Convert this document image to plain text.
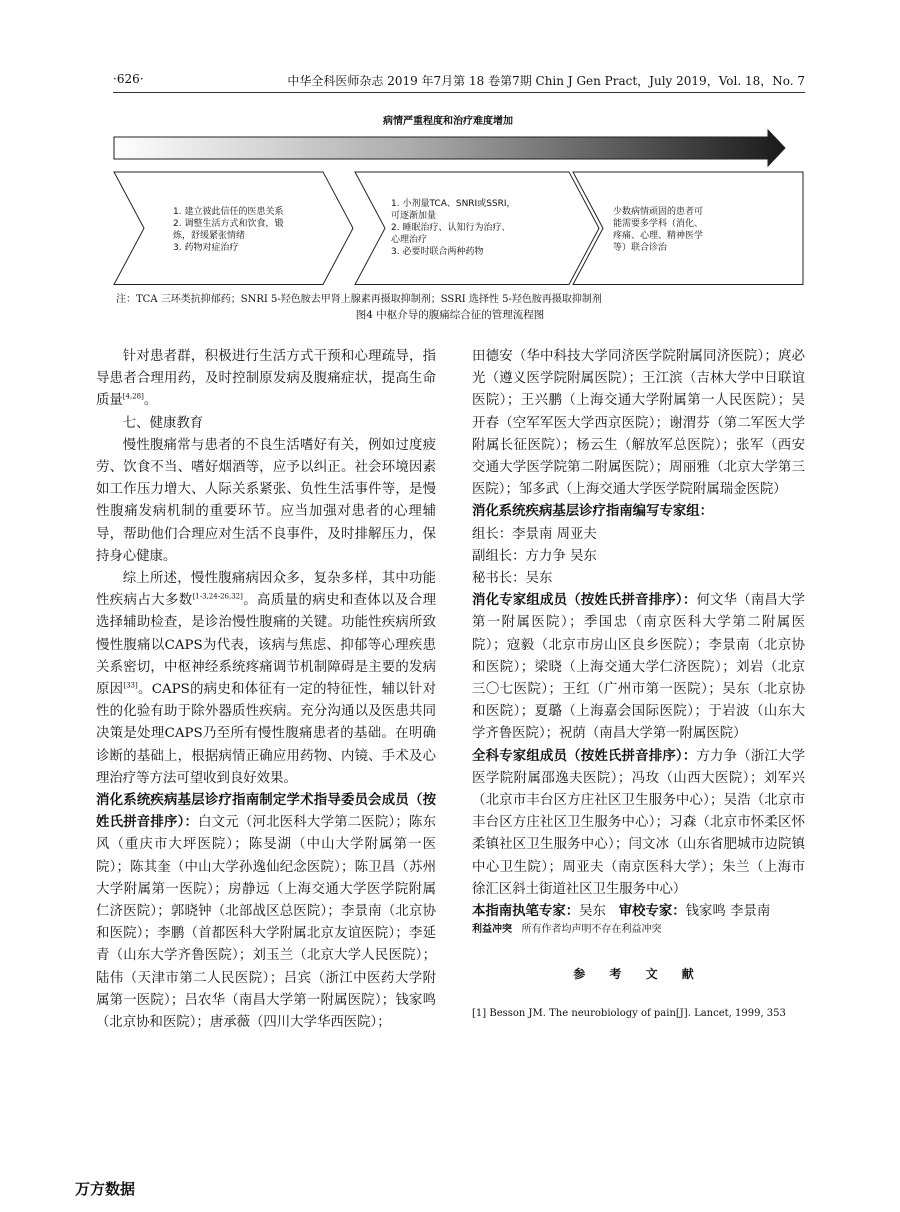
·626·	中华全科医师杂志 2019 年7月第 18 卷第7期 Chin J Gen Pract，July 2019，Vol. 18，No. 7
病情严重程度和治疗难度增加
1. 建立彼此信任的医患关系
2. 调整生活方式和饮食，锻
炼，舒缓紧张情绪
3. 药物对症治疗
1. 小剂量TCA、SNRI或SSRI，
可逐渐加量
2. 睡眠治疗、认知行为治疗、
心理治疗
3. 必要时联合两种药物
少数病情顽固的患者可
能需要多学科（消化、
疼痛、心理、精神医学
等）联合诊治
注：TCA 三环类抗抑郁药；SNRI 5-羟色胺去甲肾上腺素再摄取抑制剂；SSRI 选择性 5-羟色胺再摄取抑制剂
图4 中枢介导的腹痛综合征的管理流程图

针对患者群，积极进行生活方式干预和心理疏导，指导患者合理用药，及时控制原发病及腹痛症状，提高生命质量[4,28]。

七、健康教育

慢性腹痛常与患者的不良生活嗜好有关，例如过度疲劳、饮食不当、嗜好烟酒等，应予以纠正。社会环境因素如工作压力增大、人际关系紧张、负性生活事件等，是慢性腹痛发病机制的重要环节。应当加强对患者的心理辅导，帮助他们合理应对生活不良事件，及时排解压力，保持身心健康。

综上所述，慢性腹痛病因众多，复杂多样，其中功能性疾病占大多数[1-3,24-26,32]。高质量的病史和查体以及合理选择辅助检查，是诊治慢性腹痛的关键。功能性疾病所致慢性腹痛以CAPS为代表，该病与焦虑、抑郁等心理疾患关系密切，中枢神经系统疼痛调节机制障碍是主要的发病原因[33]。CAPS的病史和体征有一定的特征性，辅以针对性的化验有助于除外器质性疾病。充分沟通以及医患共同决策是处理CAPS乃至所有慢性腹痛患者的基础。在明确诊断的基础上，根据病情正确应用药物、内镜、手术及心理治疗等方法可望收到良好效果。

消化系统疾病基层诊疗指南制定学术指导委员会成员（按姓氏拼音排序）：白文元（河北医科大学第二医院）；陈东风（重庆市大坪医院）；陈旻湖（中山大学附属第一医院）；陈其奎（中山大学孙逸仙纪念医院）；陈卫昌（苏州大学附属第一医院）；房静远（上海交通大学医学院附属仁济医院）；郭晓钟（北部战区总医院）；李景南（北京协和医院）；李鹏（首都医科大学附属北京友谊医院）；李延青（山东大学齐鲁医院）；刘玉兰（北京大学人民医院）；陆伟（天津市第二人民医院）；吕宾（浙江中医药大学附属第一医院）；吕农华（南昌大学第一附属医院）；钱家鸣（北京协和医院）；唐承薇（四川大学华西医院）；

田德安（华中科技大学同济医学院附属同济医院）；庹必光（遵义医学院附属医院）；王江滨（吉林大学中日联谊医院）；王兴鹏（上海交通大学附属第一人民医院）；吴开春（空军军医大学西京医院）；谢渭芬（第二军医大学附属长征医院）；杨云生（解放军总医院）；张军（西安交通大学医学院第二附属医院）；周丽雅（北京大学第三医院）；邹多武（上海交通大学医学院附属瑞金医院）

消化系统疾病基层诊疗指南编写专家组：

组长：李景南 周亚夫

副组长：方力争 吴东

秘书长：吴东

消化专家组成员（按姓氏拼音排序）：何文华（南昌大学第一附属医院）；季国忠（南京医科大学第二附属医院）；寇毅（北京市房山区良乡医院）；李景南（北京协和医院）；梁晓（上海交通大学仁济医院）；刘岩（北京三〇七医院）；王红（广州市第一医院）；吴东（北京协和医院）；夏璐（上海嘉会国际医院）；于岩波（山东大学齐鲁医院）；祝荫（南昌大学第一附属医院）

全科专家组成员（按姓氏拼音排序）：方力争（浙江大学医学院附属邵逸夫医院）；冯玫（山西大医院）；刘军兴（北京市丰台区方庄社区卫生服务中心）；吴浩（北京市丰台区方庄社区卫生服务中心）；习森（北京市怀柔区怀柔镇社区卫生服务中心）；闫文冰（山东省肥城市边院镇中心卫生院）；周亚夫（南京医科大学）；朱兰（上海市徐汇区斜土街道社区卫生服务中心）

本指南执笔专家：吴东 审校专家：钱家鸣 李景南

利益冲突 所有作者均声明不存在利益冲突

参 考 文 献

[1] Besson JM. The neurobiology of pain[J]. Lancet, 1999, 353

万方数据
